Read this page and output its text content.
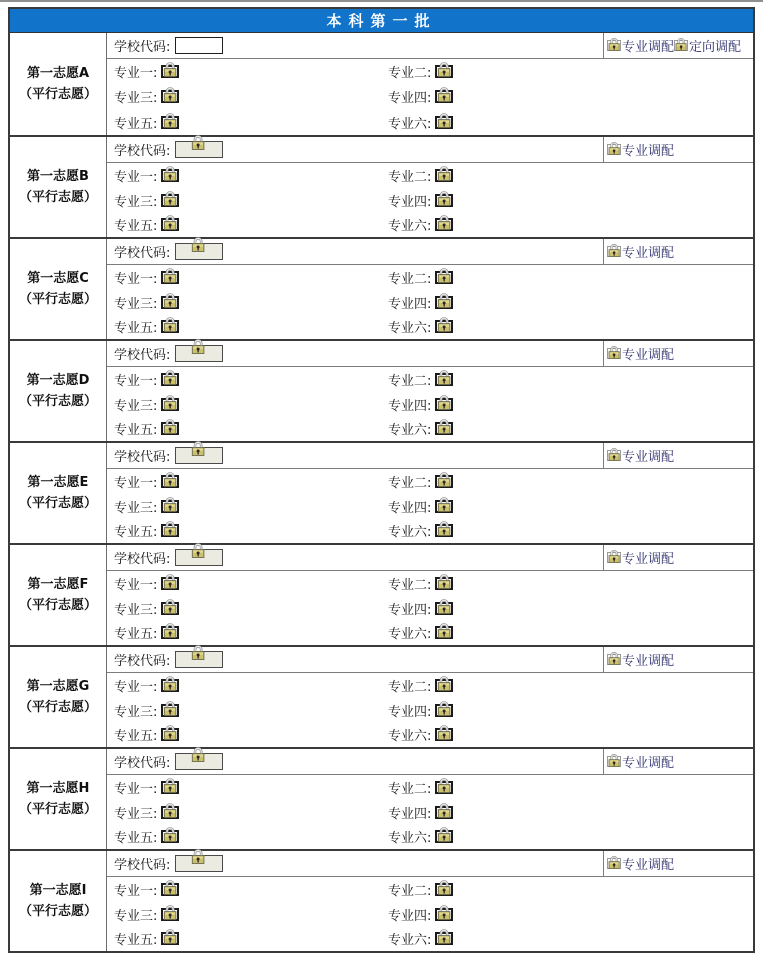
本科第一批
第一志愿A
（平行志愿）
学校代码:	专业调配 定向调配
专业一:	专业二:
专业三:	专业四:
专业五:	专业六:
第一志愿B
（平行志愿）
学校代码:	专业调配
专业一:	专业二:
专业三:	专业四:
专业五:	专业六:
第一志愿C
（平行志愿）
学校代码:	专业调配
专业一:	专业二:
专业三:	专业四:
专业五:	专业六:
第一志愿D
（平行志愿）
学校代码:	专业调配
专业一:	专业二:
专业三:	专业四:
专业五:	专业六:
第一志愿E
（平行志愿）
学校代码:	专业调配
专业一:	专业二:
专业三:	专业四:
专业五:	专业六:
第一志愿F
（平行志愿）
学校代码:	专业调配
专业一:	专业二:
专业三:	专业四:
专业五:	专业六:
第一志愿G
（平行志愿）
学校代码:	专业调配
专业一:	专业二:
专业三:	专业四:
专业五:	专业六:
第一志愿H
（平行志愿）
学校代码:	专业调配
专业一:	专业二:
专业三:	专业四:
专业五:	专业六:
第一志愿I
（平行志愿）
学校代码:	专业调配
专业一:	专业二:
专业三:	专业四:
专业五:	专业六:
